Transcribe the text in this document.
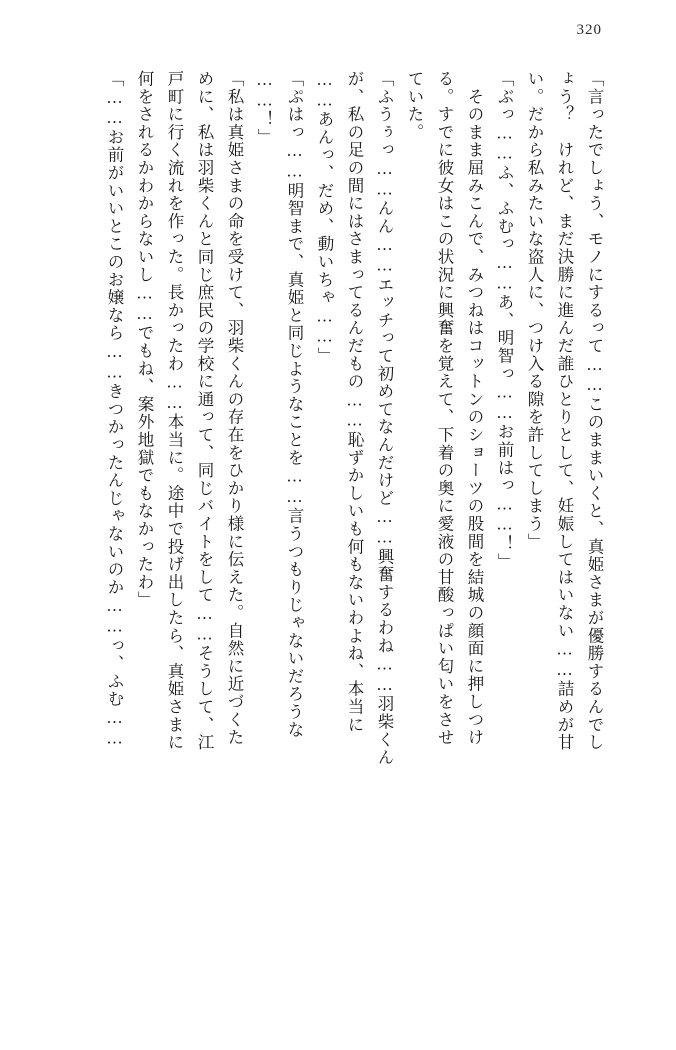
320
「言ったでしょう、モノにするって……このままいくと、真姫さまが優勝するんでし
ょう？　けれど、まだ決勝に進んだ誰ひとりとして、妊娠してはいない……詰めが甘
い。だから私みたいな盗人に、つけ入る隙を許してしまう」
「ぶっ……ふ、ふむっ……あ、明智っ……お前はっ……！」
　そのまま屈みこんで、みつねはコットンのショーツの股間を結城の顔面に押しつけ
る。すでに彼女はこの状況に興奮を覚えて、下着の奥に愛液の甘酸っぱい匂いをさせ
ていた。
「ふうぅっ……んん……エッチって初めてなんだけど……興奮するわね……羽柴くん
が、私の足の間にはさまってるんだもの……恥ずかしいも何もないわよね、本当に
……あんっ、だめ、動いちゃ……」
「ぷはっ……明智まで、真姫と同じようなことを……言うつもりじゃないだろうな
……！」
「私は真姫さまの命を受けて、羽柴くんの存在をひかり様に伝えた。自然に近づくた
めに、私は羽柴くんと同じ庶民の学校に通って、同じバイトをして……そうして、江
戸町に行く流れを作った。長かったわ……本当に。途中で投げ出したら、真姫さまに
何をされるかわからないし……でもね、案外地獄でもなかったわ」
「……お前がいいとこのお嬢なら……きつかったんじゃないのか……っ、ふむ……
